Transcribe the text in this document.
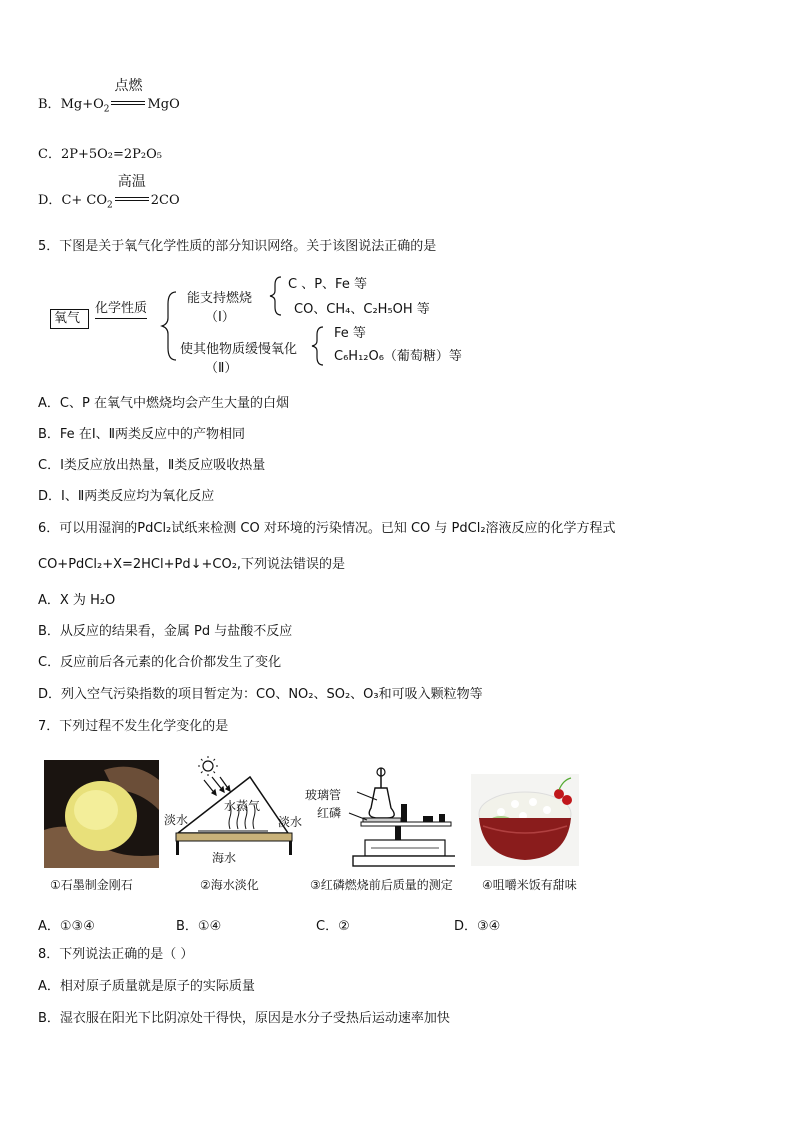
B．$Mg+O_2$
点燃
MgO
C．2P+5O₂=2P₂O₅
D．$C+ CO_2$
高温
2CO
5．下图是关于氧气化学性质的部分知识网络。关于该图说法正确的是
氧气
化学性质
能支持燃烧
（Ⅰ）
C 、P、Fe 等
CO、CH₄、C₂H₅OH 等
使其他物质缓慢氧化
（Ⅱ）
Fe 等
C₆H₁₂O₆（葡萄糖）等
A．C、P 在氧气中燃烧均会产生大量的白烟
B．Fe 在Ⅰ、Ⅱ两类反应中的产物相同
C．Ⅰ类反应放出热量，Ⅱ类反应吸收热量
D．Ⅰ、Ⅱ两类反应均为氧化反应
6．可以用湿润的PdCl₂试纸来检测 CO 对环境的污染情况。已知 CO 与 PdCl₂溶液反应的化学方程式
CO+PdCl₂+X=2HCl+Pd↓+CO₂,下列说法错误的是
A．X 为 H₂O
B．从反应的结果看，金属 Pd 与盐酸不反应
C．反应前后各元素的化合价都发生了变化
D．列入空气污染指数的项目暂定为：CO、NO₂、SO₂、O₃和可吸入颗粒物等
7．下列过程不发生化学变化的是
①石墨制金刚石
淡水
水蒸气
淡水
海水
②海水淡化
玻璃管
红磷
③红磷燃烧前后质量的测定 ④咀嚼米饭有甜味
A．①③④	B．①④	C．②	D．③④
8．下列说法正确的是（ ）
A．相对原子质量就是原子的实际质量
B．湿衣服在阳光下比阴凉处干得快，原因是水分子受热后运动速率加快
